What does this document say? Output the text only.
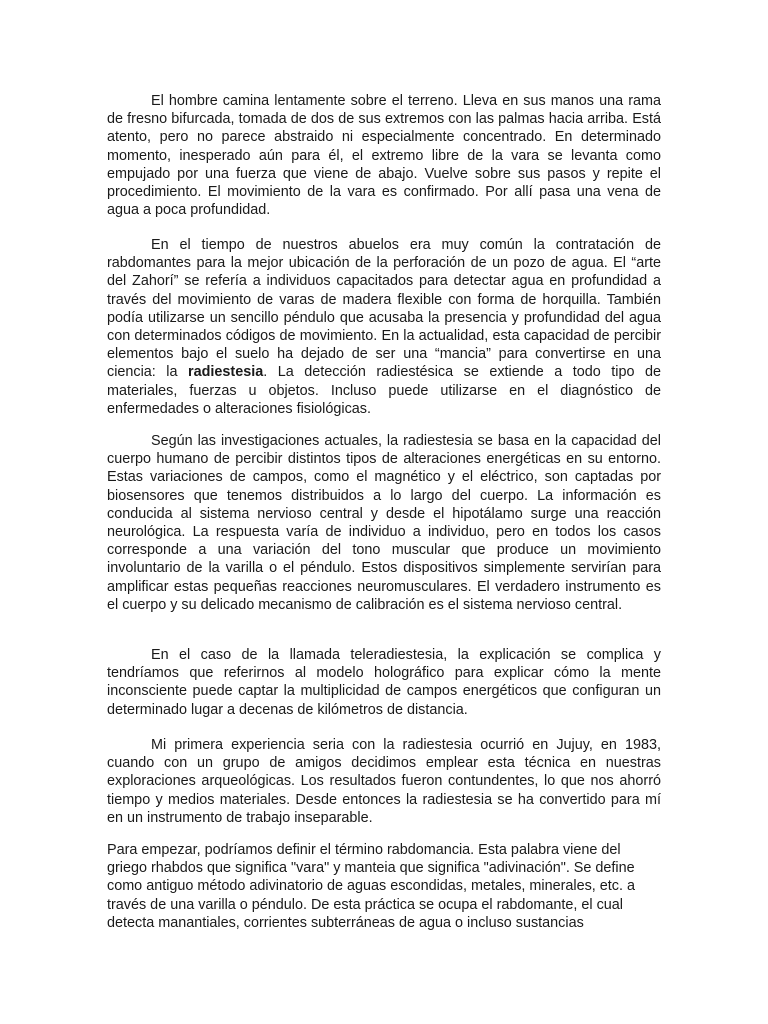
El hombre camina lentamente sobre el terreno. Lleva en sus manos una rama de fresno bifurcada, tomada de dos de sus extremos con las palmas hacia arriba. Está atento, pero no parece abstraido ni especialmente concentrado. En determinado momento, inesperado aún para él, el extremo libre de la vara se levanta como empujado por una fuerza que viene de abajo. Vuelve sobre sus pasos y repite el procedimiento. El movimiento de la vara es confirmado. Por allí pasa una vena de agua a poca profundidad.

En el tiempo de nuestros abuelos era muy común la contratación de rabdomantes para la mejor ubicación de la perforación de un pozo de agua. El “arte del Zahorí” se refería a individuos capacitados para detectar agua en profundidad a través del movimiento de varas de madera flexible con forma de horquilla. También podía utilizarse un sencillo péndulo que acusaba la presencia y profundidad del agua con determinados códigos de movimiento. En la actualidad, esta capacidad de percibir elementos bajo el suelo ha dejado de ser una “mancia” para convertirse en una ciencia: la radiestesia. La detección radiestésica se extiende a todo tipo de materiales, fuerzas u objetos. Incluso puede utilizarse en el diagnóstico de enfermedades o alteraciones fisiológicas.

Según las investigaciones actuales, la radiestesia se basa en la capacidad del cuerpo humano de percibir distintos tipos de alteraciones energéticas en su entorno. Estas variaciones de campos, como el magnético y el eléctrico, son captadas por biosensores que tenemos distribuidos a lo largo del cuerpo. La información es conducida al sistema nervioso central y desde el hipotálamo surge una reacción neurológica. La respuesta varía de individuo a individuo, pero en todos los casos corresponde a una variación del tono muscular que produce un movimiento involuntario de la varilla o el péndulo. Estos dispositivos simplemente servirían para amplificar estas pequeñas reacciones neuromusculares. El verdadero instrumento es el cuerpo y su delicado mecanismo de calibración es el sistema nervioso central.

En el caso de la llamada teleradiestesia, la explicación se complica y tendríamos que referirnos al modelo holográfico para explicar cómo la mente inconsciente puede captar la multiplicidad de campos energéticos que configuran un determinado lugar a decenas de kilómetros de distancia.

Mi primera experiencia seria con la radiestesia ocurrió en Jujuy, en 1983, cuando con un grupo de amigos decidimos emplear esta técnica en nuestras exploraciones arqueológicas. Los resultados fueron contundentes, lo que nos ahorró tiempo y medios materiales. Desde entonces la radiestesia se ha convertido para mí en un instrumento de trabajo inseparable.

Para empezar, podríamos definir el término rabdomancia. Esta palabra viene del griego rhabdos que significa "vara" y manteia que significa "adivinación". Se define como antiguo método adivinatorio de aguas escondidas, metales, minerales, etc. a través de una varilla o péndulo. De esta práctica se ocupa el rabdomante, el cual detecta manantiales, corrientes subterráneas de agua o incluso sustancias
